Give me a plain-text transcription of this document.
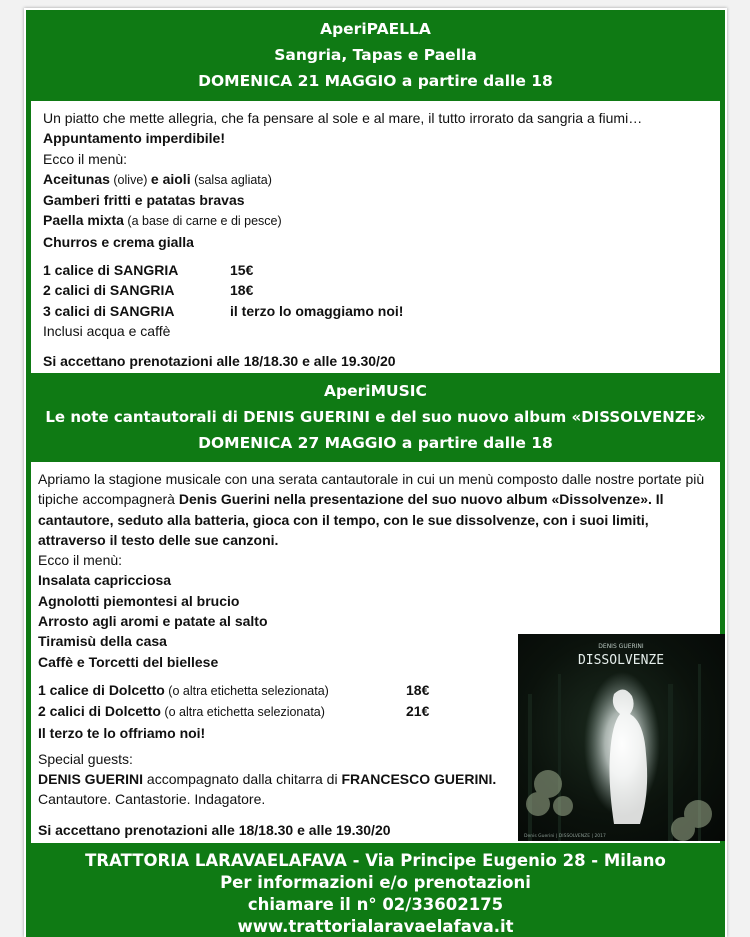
AperiPAELLA
Sangria, Tapas e Paella
DOMENICA 21 MAGGIO a partire dalle 18
Un piatto che mette allegria, che fa pensare al sole e al mare, il tutto irrorato da sangria a fiumi…
Appuntamento imperdibile!
Ecco il menù:
Aceitunas (olive) e aioli (salsa agliata)
Gamberi fritti e patatas bravas
Paella mixta (a base di carne e di pesce)
Churros e crema gialla
1 calice di SANGRIA	15€
2 calici di SANGRIA	18€
3 calici di SANGRIA	il terzo lo omaggiamo noi!
Inclusi acqua e caffè
Si accettano prenotazioni alle 18/18.30 e alle 19.30/20
AperiMUSIC
Le note cantautorali di DENIS GUERINI e del suo nuovo album «DISSOLVENZE»
DOMENICA 27 MAGGIO a partire dalle 18
Apriamo la stagione musicale con una serata cantautorale in cui un menù composto dalle nostre portate più tipiche accompagnerà Denis Guerini nella presentazione del suo nuovo album «Dissolvenze». Il cantautore, seduto alla batteria, gioca con il tempo, con le sue dissolvenze, con i suoi limiti, attraverso il testo delle sue canzoni.
Ecco il menù:
Insalata capricciosa
Agnolotti piemontesi al brucio
Arrosto agli aromi e patate al salto
Tiramisù della casa
Caffè e Torcetti del biellese
1 calice di Dolcetto (o altra etichetta selezionata)	18€
2 calici di Dolcetto (o altra etichetta selezionata)	21€
Il terzo te lo offriamo noi!
Special guests:
DENIS GUERINI accompagnato dalla chitarra di FRANCESCO GUERINI.
Cantautore. Cantastorie. Indagatore.
Si accettano prenotazioni alle 18/18.30 e alle 19.30/20
TRATTORIA LARAVAELAFAVA - Via Principe Eugenio 28 - Milano
Per informazioni e/o prenotazioni
chiamare il n° 02/33602175
www.trattorialaravaelafava.it
DENIS GUERINI
DISSOLVENZE
Denis Guerini | DISSOLVENZE | 2017
